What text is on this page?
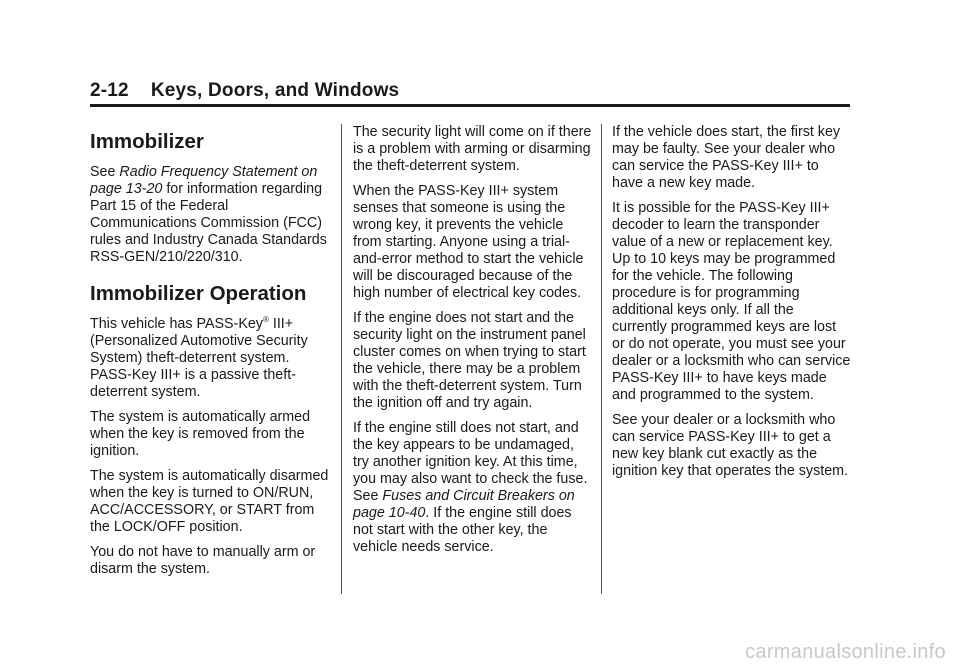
2-12 Keys, Doors, and Windows
Immobilizer

See Radio Frequency Statement on page 13-20 for information regarding Part 15 of the Federal Communications Commission (FCC) rules and Industry Canada Standards RSS-GEN/210/220/310.

Immobilizer Operation

This vehicle has PASS-Key® III+ (Personalized Automotive Security System) theft-deterrent system. PASS-Key III+ is a passive theft-deterrent system.

The system is automatically armed when the key is removed from the ignition.

The system is automatically disarmed when the key is turned to ON/RUN, ACC/ACCESSORY, or START from the LOCK/OFF position.

You do not have to manually arm or disarm the system.

The security light will come on if there is a problem with arming or disarming the theft-deterrent system.

When the PASS-Key III+ system senses that someone is using the wrong key, it prevents the vehicle from starting. Anyone using a trial-and-error method to start the vehicle will be discouraged because of the high number of electrical key codes.

If the engine does not start and the security light on the instrument panel cluster comes on when trying to start the vehicle, there may be a problem with the theft-deterrent system. Turn the ignition off and try again.

If the engine still does not start, and the key appears to be undamaged, try another ignition key. At this time, you may also want to check the fuse. See Fuses and Circuit Breakers on page 10-40. If the engine still does not start with the other key, the vehicle needs service.

If the vehicle does start, the first key may be faulty. See your dealer who can service the PASS-Key III+ to have a new key made.

It is possible for the PASS-Key III+ decoder to learn the transponder value of a new or replacement key. Up to 10 keys may be programmed for the vehicle. The following procedure is for programming additional keys only. If all the currently programmed keys are lost or do not operate, you must see your dealer or a locksmith who can service PASS-Key III+ to have keys made and programmed to the system.

See your dealer or a locksmith who can service PASS-Key III+ to get a new key blank cut exactly as the ignition key that operates the system.

carmanualsonline.info
